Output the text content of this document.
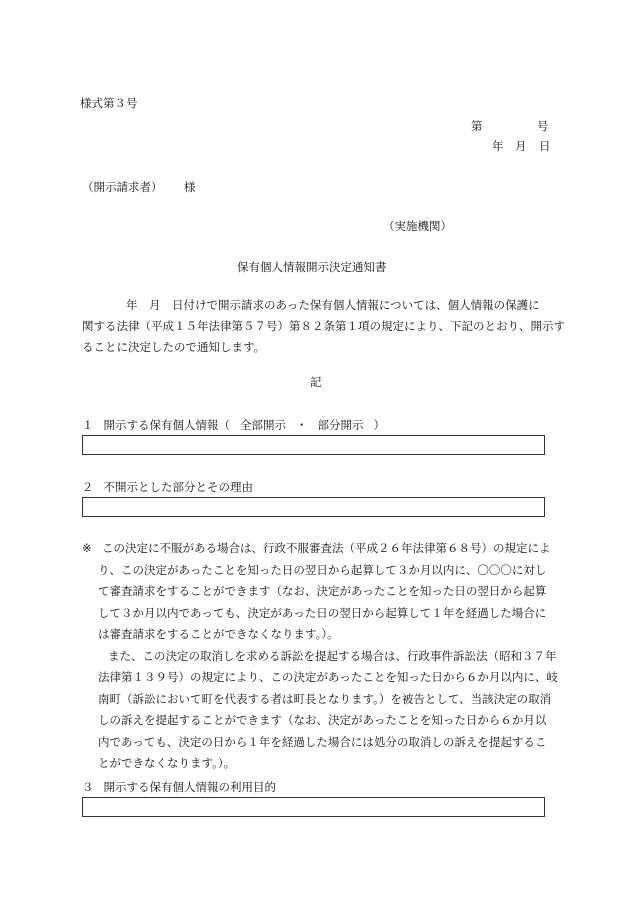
様式第３号
第	号
年 月 日
（開示請求者） 様
（実施機関）
保有個人情報開示決定通知書
年　月　日付けで開示請求のあった保有個人情報については、個人情報の保護に
関する法律（平成１５年法律第５７号）第８２条第１項の規定により、下記のとおり、開示す
ることに決定したので通知します。
記
１ 開示する保有個人情報（ 全部開示 ・ 部分開示 ）
２ 不開示とした部分とその理由
※ この決定に不服がある場合は、行政不服審査法（平成２６年法律第６８号）の規定によ
り、この決定があったことを知った日の翌日から起算して３か月以内に、〇〇〇に対し
て審査請求をすることができます（なお、決定があったことを知った日の翌日から起算
して３か月以内であっても、決定があった日の翌日から起算して１年を経過した場合に
は審査請求をすることができなくなります。）。
また、この決定の取消しを求める訴訟を提起する場合は、行政事件訴訟法（昭和３７年
法律第１３９号）の規定により、この決定があったことを知った日から６か月以内に、岐
南町（訴訟において町を代表する者は町長となります。）を被告として、当該決定の取消
しの訴えを提起することができます（なお、決定があったことを知った日から６か月以
内であっても、決定の日から１年を経過した場合には処分の取消しの訴えを提起するこ
とができなくなります。）。
３ 開示する保有個人情報の利用目的
